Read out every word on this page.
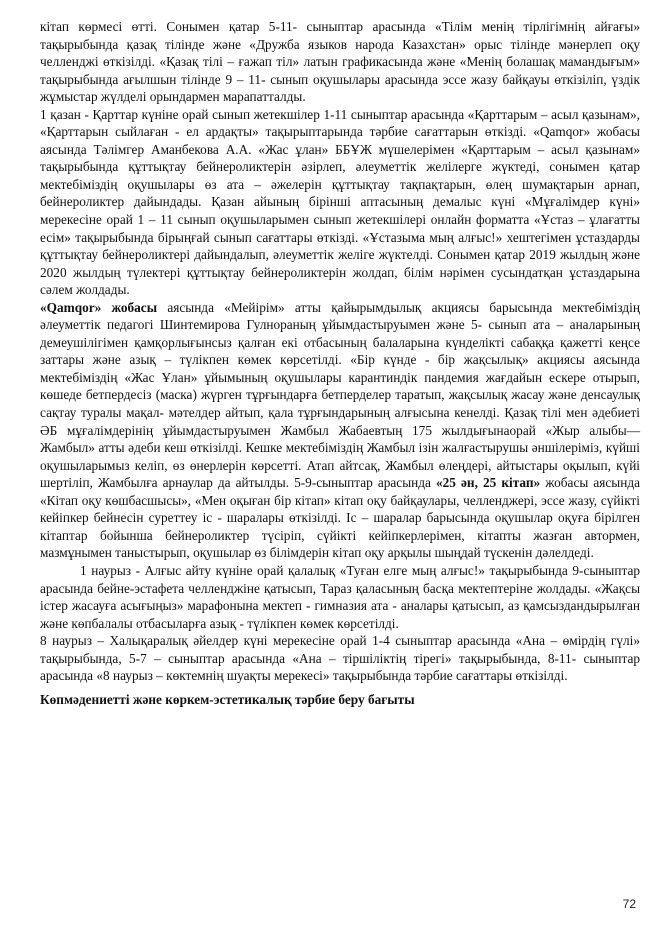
кітап көрмесі өтті. Сонымен қатар 5-11- сыныптар арасында «Тілім менің тірлігімнің айғағы» тақырыбында қазақ тілінде және «Дружба языков народа Казахстан» орыс тілінде мәнерлеп оқу челленджі өткізілді. «Қазақ тілі – ғажап тіл» латын графикасында және «Менің болашақ мамандығым» тақырыбында ағылшын тілінде 9 – 11- сынып оқушылары арасында эссе жазу байқауы өткізіліп, үздік жұмыстар жүлделі орындармен марапатталды.

1 қазан - Қарттар күніне орай сынып жетекшілер 1-11 сыныптар арасында «Қарттарым – асыл қазынам», «Қарттарын сыйлаған - ел ардақты» тақырыптарында тәрбие сағаттарын өткізді. «Qamqor» жобасы аясында Тәлімгер Аманбекова А.А. «Жас ұлан» ББҰЖ мүшелерімен «Қарттарым – асыл қазынам» тақырыбында құттықтау бейнероликтерін әзірлеп, әлеуметтік желілерге жүктеді, сонымен қатар мектебіміздің оқушылары өз ата – әжелерін құттықтау тақпақтарын, өлең шумақтарын арнап, бейнероликтер дайындады. Қазан айының бірінші аптасының демалыс күні «Мұғалімдер күні» мерекесіне орай 1 – 11 сынып оқушыларымен сынып жетекшілері онлайн форматта «Ұстаз – ұлағатты есім» тақырыбында бірыңғай сынып сағаттары өткізді. «Ұстазыма мың алғыс!» хештегімен ұстаздарды құттықтау бейнероликтері дайындалып, әлеуметтік желіге жүктелді. Сонымен қатар 2019 жылдың және 2020 жылдың түлектері құттықтау бейнероликтерін жолдап, білім нәрімен сусындатқан ұстаздарына сәлем жолдады.

«Qamqor» жобасы аясында «Мейірім» атты қайырымдылық акциясы барысында мектебіміздің әлеуметтік педагогі Шинтемирова Гулнораның ұйымдастыруымен және 5- сынып ата – аналарының демеушілігімен қамқорлығынсыз қалған екі отбасының балаларына күнделікті сабаққа қажетті кеңсе заттары және азық – түлікпен көмек көрсетілді. «Бір күнде - бір жақсылық» акциясы аясында мектебіміздің «Жас Ұлан» ұйымының оқушылары карантиндік пандемия жағдайын ескере отырып, көшеде бетпердесіз (маска) жүрген тұрғындарға бетперделер таратып, жақсылық жасау және денсаулық сақтау туралы мақал- мәтелдер айтып, қала тұрғындарының алғысына кенелді. Қазақ тілі мен әдебиеті ӘБ мұғалімдерінің ұйымдастыруымен Жамбыл Жабаевтың 175 жылдығынаорай «Жыр алыбы—Жамбыл» атты әдеби кеш өткізілді. Кешке мектебіміздің Жамбыл ізін жалғастырушы әншілеріміз, күйші оқушыларымыз келіп, өз өнерлерін көрсетті. Атап айтсақ, Жамбыл өлеңдері, айтыстары оқылып, күйі шертіліп, Жамбылға арнаулар да айтылды. 5-9-сыныптар арасында «25 ән, 25 кітап» жобасы аясында «Кітап оқу көшбасшысы», «Мен оқыған бір кітап» кітап оқу байқаулары, челленджері, эссе жазу, сүйікті кейіпкер бейнесін суреттеу іс - шаралары өткізілді. Іс – шаралар барысында оқушылар оқуға бірілген кітаптар бойынша бейнероликтер түсіріп, сүйікті кейіпкерлерімен, кітапты жазған автормен, мазмұнымен таныстырып, оқушылар өз білімдерін кітап оқу арқылы шыңдай түскенін дәлелдеді.

1 наурыз - Алғыс айту күніне орай қалалық «Туған елге мың алғыс!» тақырыбында 9-сыныптар арасында бейне-эстафета челленджіне қатысып, Тараз қаласының басқа мектептеріне жолдады. «Жақсы істер жасауға асығыңыз» марафонына мектеп - гимназия ата - аналары қатысып, аз қамсыздандырылған және көпбалалы отбасыларға азық - түлікпен көмек көрсетілді.

8 наурыз – Халықаралық әйелдер күні мерекесіне орай 1-4 сыныптар арасында «Ана – өмірдің гүлі» тақырыбында, 5-7 – сыныптар арасында «Ана – тіршіліктің тірегі» тақырыбында, 8-11- сыныптар арасында «8 наурыз – көктемнің шуақты мерекесі» тақырыбында тәрбие сағаттары өткізілді.

Көпмәдениетті және көркем-эстетикалық тәрбие беру бағыты

72
